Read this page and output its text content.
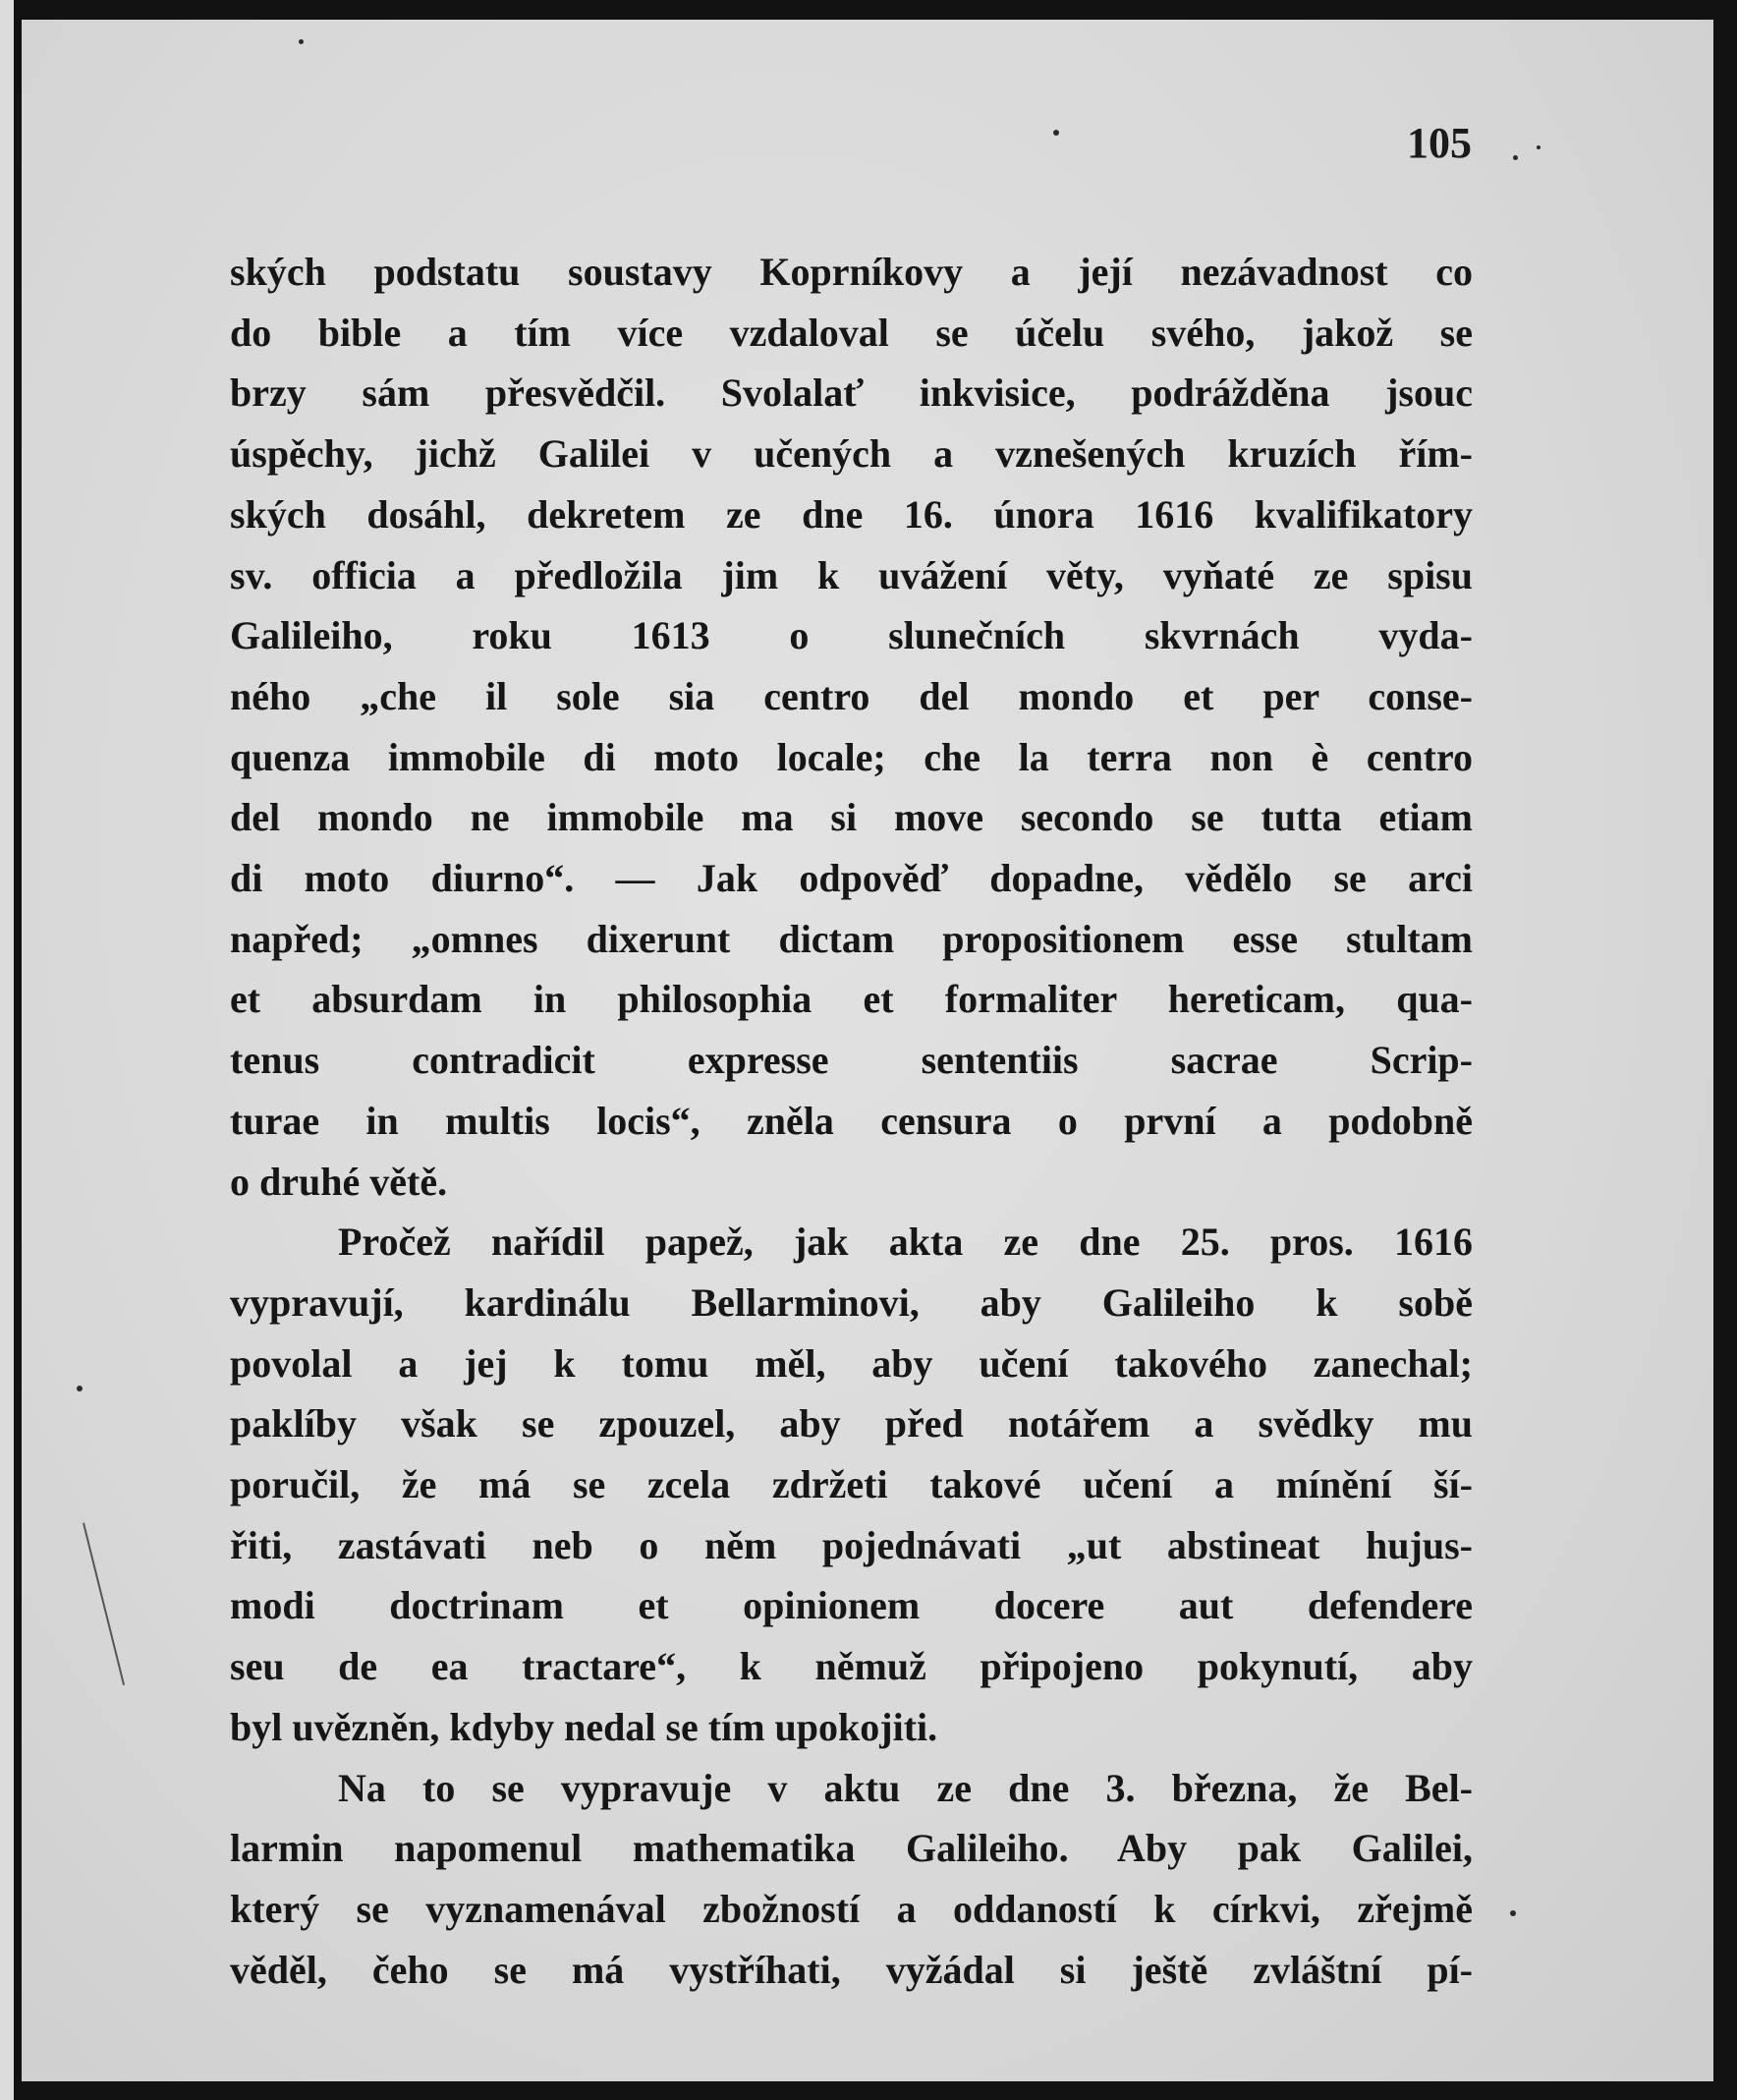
105
ských podstatu soustavy Koprníkovy a její nezávadnost co
do bible a tím více vzdaloval se účelu svého, jakož se
brzy sám přesvědčil. Svolalať inkvisice, podrážděna jsouc
úspěchy, jichž Galilei v učených a vznešených kruzích řím-
ských dosáhl, dekretem ze dne 16. února 1616 kvalifikatory
sv. officia a předložila jim k uvážení věty, vyňaté ze spisu
Galileiho, roku 1613 o slunečních skvrnách vyda-
ného „che il sole sia centro del mondo et per conse-
quenza immobile di moto locale; che la terra non è centro
del mondo ne immobile ma si move secondo se tutta etiam
di moto diurno“. — Jak odpověď dopadne, vědělo se arci
napřed; „omnes dixerunt dictam propositionem esse stultam
et absurdam in philosophia et formaliter hereticam, qua-
tenus contradicit expresse sententiis sacrae Scrip-
turae in multis locis“, zněla censura o první a podobně
o druhé větě.
Pročež nařídil papež, jak akta ze dne 25. pros. 1616
vypravují, kardinálu Bellarminovi, aby Galileiho k sobě
povolal a jej k tomu měl, aby učení takového zanechal;
paklíby však se zpouzel, aby před notářem a svědky mu
poručil, že má se zcela zdržeti takové učení a mínění ší-
řiti, zastávati neb o něm pojednávati „ut abstineat hujus-
modi doctrinam et opinionem docere aut defendere
seu de ea tractare“, k němuž připojeno pokynutí, aby
byl uvězněn, kdyby nedal se tím upokojiti.
Na to se vypravuje v aktu ze dne 3. března, že Bel-
larmin napomenul mathematika Galileiho. Aby pak Galilei,
který se vyznamenával zbožností a oddaností k církvi, zřejmě
věděl, čeho se má vystříhati, vyžádal si ještě zvláštní pí-
